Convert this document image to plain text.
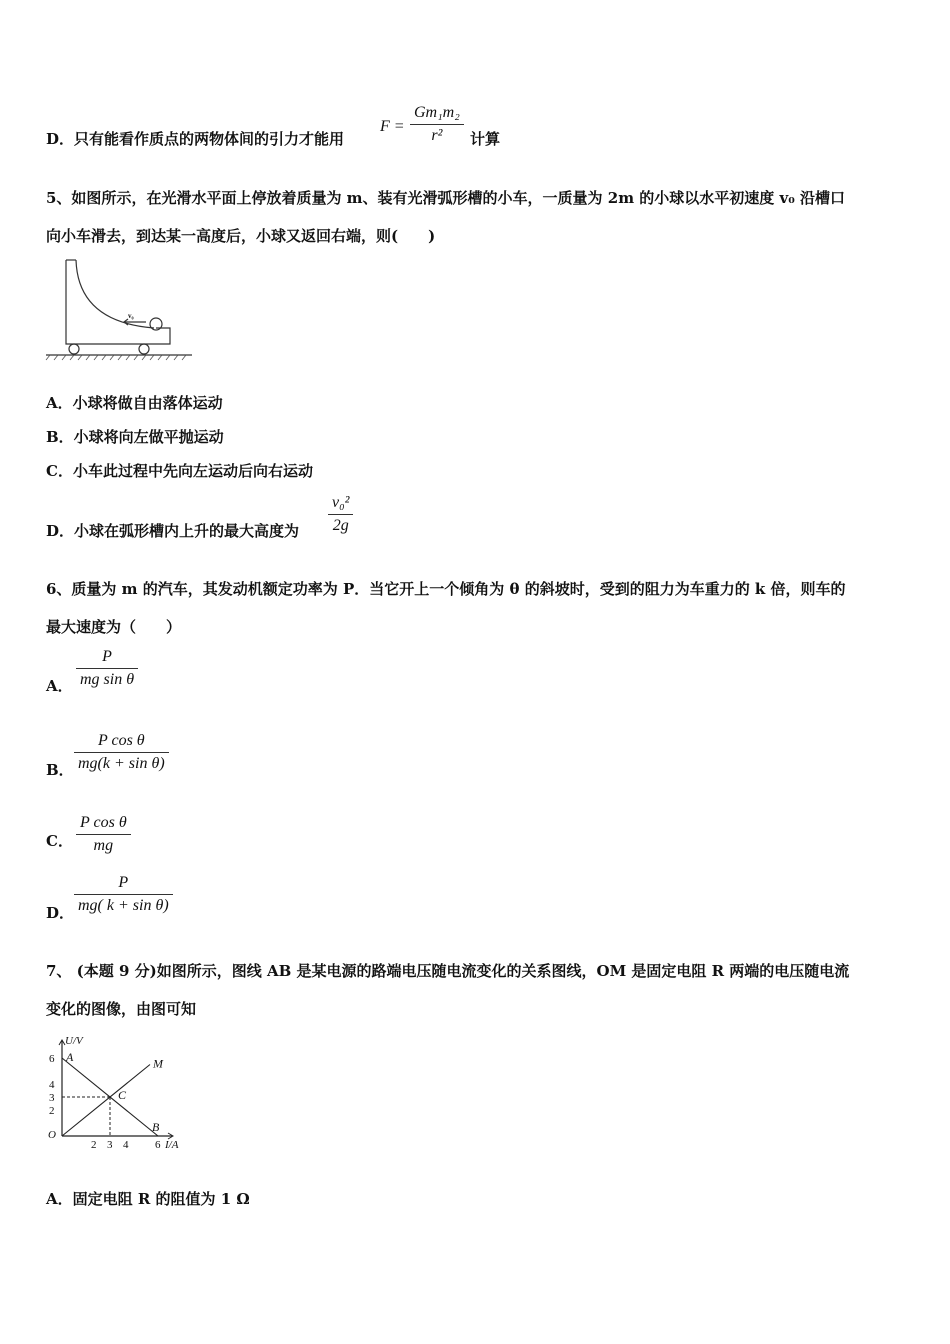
D．只有能看作质点的两物体间的引力才能用
F =
Gm₁m₂
r²	计算
5、如图所示，在光滑水平面上停放着质量为 m、装有光滑弧形槽的小车，一质量为 2m 的小球以水平初速度 v₀ 沿槽口
向小车滑去，到达某一高度后，小球又返回右端，则(　　)
v₀
A．小球将做自由落体运动
B．小球将向左做平抛运动
C．小车此过程中先向左运动后向右运动
D．小球在弧形槽内上升的最大高度为
v₀²
2g
6、质量为 m 的汽车，其发动机额定功率为 P．当它开上一个倾角为 θ 的斜坡时，受到的阻力为车重力的 k 倍，则车的
最大速度为（　　）
A．
P
mg sin θ
B．
P cos θ
mg(k + sin θ)
C．
P cos θ
mg
D．
P
mg( k + sin θ)
7、 (本题 9 分)如图所示，图线 AB 是某电源的路端电压随电流变化的关系图线，OM 是固定电阻 R 两端的电压随电流
变化的图像，由图可知
6
4
3
2
2 3 4 6
U/V
I/A
O
A
B
C
M
A．固定电阻 R 的阻值为 1 Ω
